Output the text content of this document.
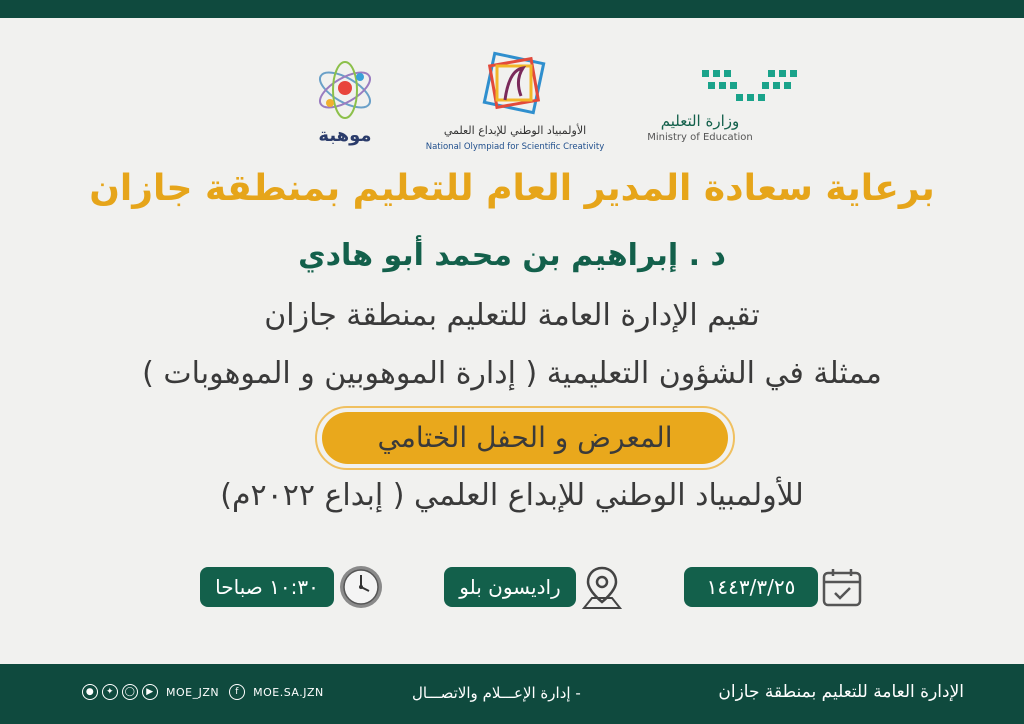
موهبة	الأولمبياد الوطني للإبداع العلمي
National Olympiad for Scientific Creativity
وزارة التعليم
Ministry of Education
برعاية سعادة المدير العام للتعليم بمنطقة جازان
د . إبراهيم بن محمد أبو هادي
تقيم الإدارة العامة للتعليم بمنطقة جازان
ممثلة في الشؤون التعليمية ( إدارة الموهوبين و الموهوبات )
المعرض و الحفل الختامي
للأولمبياد الوطني للإبداع العلمي ( إبداع ٢٠٢٢م)
١٠:٣٠ صباحا	راديسون بلو	١٤٤٣/٣/٢٥
الإدارة العامة للتعليم بمنطقة جازان
- إدارة الإعـــلام والاتصـــال
●	✦	◯	▶	MOE_JZN	f	MOE.SA.JZN
